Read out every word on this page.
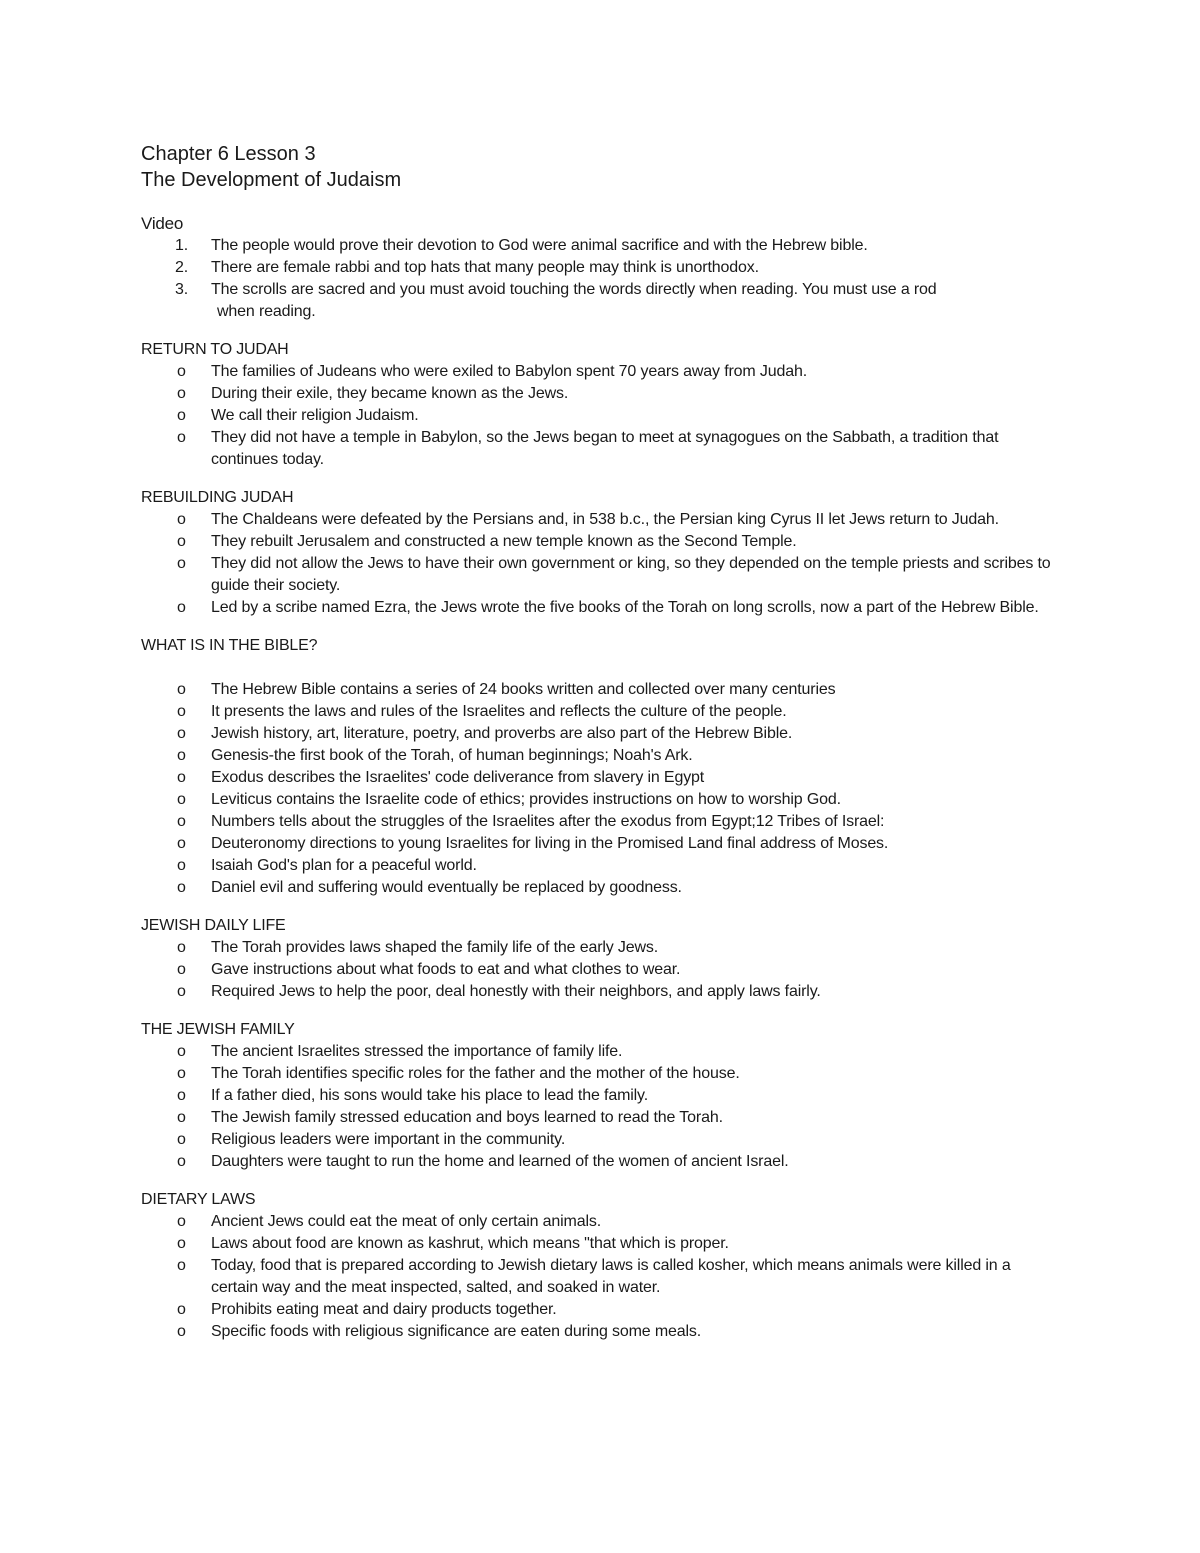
Chapter 6 Lesson 3
The Development of Judaism
Video
1.	The people would prove their devotion to God were animal sacrifice and with the Hebrew bible.
2.	There are female rabbi and top hats that many people may think is unorthodox.
3.	The scrolls are sacred and you must avoid touching the words directly when reading. You must use a rod
when reading.
RETURN TO JUDAH
o	The families of Judeans who were exiled to Babylon spent 70 years away from Judah.
o	During their exile, they became known as the Jews.
o	We call their religion Judaism.
o	They did not have a temple in Babylon, so the Jews began to meet at synagogues on the Sabbath, a tradition that continues today.
REBUILDING JUDAH
o	The Chaldeans were defeated by the Persians and, in 538 b.c., the Persian king Cyrus II let Jews return to Judah.
o	They rebuilt Jerusalem and constructed a new temple known as the Second Temple.
o	They did not allow the Jews to have their own government or king, so they depended on the temple priests and scribes to guide their society.
o	Led by a scribe named Ezra, the Jews wrote the five books of the Torah on long scrolls, now a part of the Hebrew Bible.
WHAT IS IN THE BIBLE?
o	The Hebrew Bible contains a series of 24 books written and collected over many centuries
o	It presents the laws and rules of the Israelites and reflects the culture of the people.
o	Jewish history, art, literature, poetry, and proverbs are also part of the Hebrew Bible.
o	Genesis-the first book of the Torah, of human beginnings; Noah's Ark.
o	Exodus describes the Israelites' code deliverance from slavery in Egypt
o	Leviticus contains the Israelite code of ethics; provides instructions on how to worship God.
o	Numbers tells about the struggles of the Israelites after the exodus from Egypt;12 Tribes of Israel:
o	Deuteronomy directions to young Israelites for living in the Promised Land final address of Moses.
o	Isaiah God's plan for a peaceful world.
o	Daniel evil and suffering would eventually be replaced by goodness.
JEWISH DAILY LIFE
o	The Torah provides laws shaped the family life of the early Jews.
o	Gave instructions about what foods to eat and what clothes to wear.
o	Required Jews to help the poor, deal honestly with their neighbors, and apply laws fairly.
THE JEWISH FAMILY
o	The ancient Israelites stressed the importance of family life.
o	The Torah identifies specific roles for the father and the mother of the house.
o	If a father died, his sons would take his place to lead the family.
o	The Jewish family stressed education and boys learned to read the Torah.
o	Religious leaders were important in the community.
o	Daughters were taught to run the home and learned of the women of ancient Israel.
DIETARY LAWS
o	Ancient Jews could eat the meat of only certain animals.
o	Laws about food are known as kashrut, which means "that which is proper.
o	Today, food that is prepared according to Jewish dietary laws is called kosher, which means animals were killed in a certain way and the meat inspected, salted, and soaked in water.
o	Prohibits eating meat and dairy products together.
o	Specific foods with religious significance are eaten during some meals.
